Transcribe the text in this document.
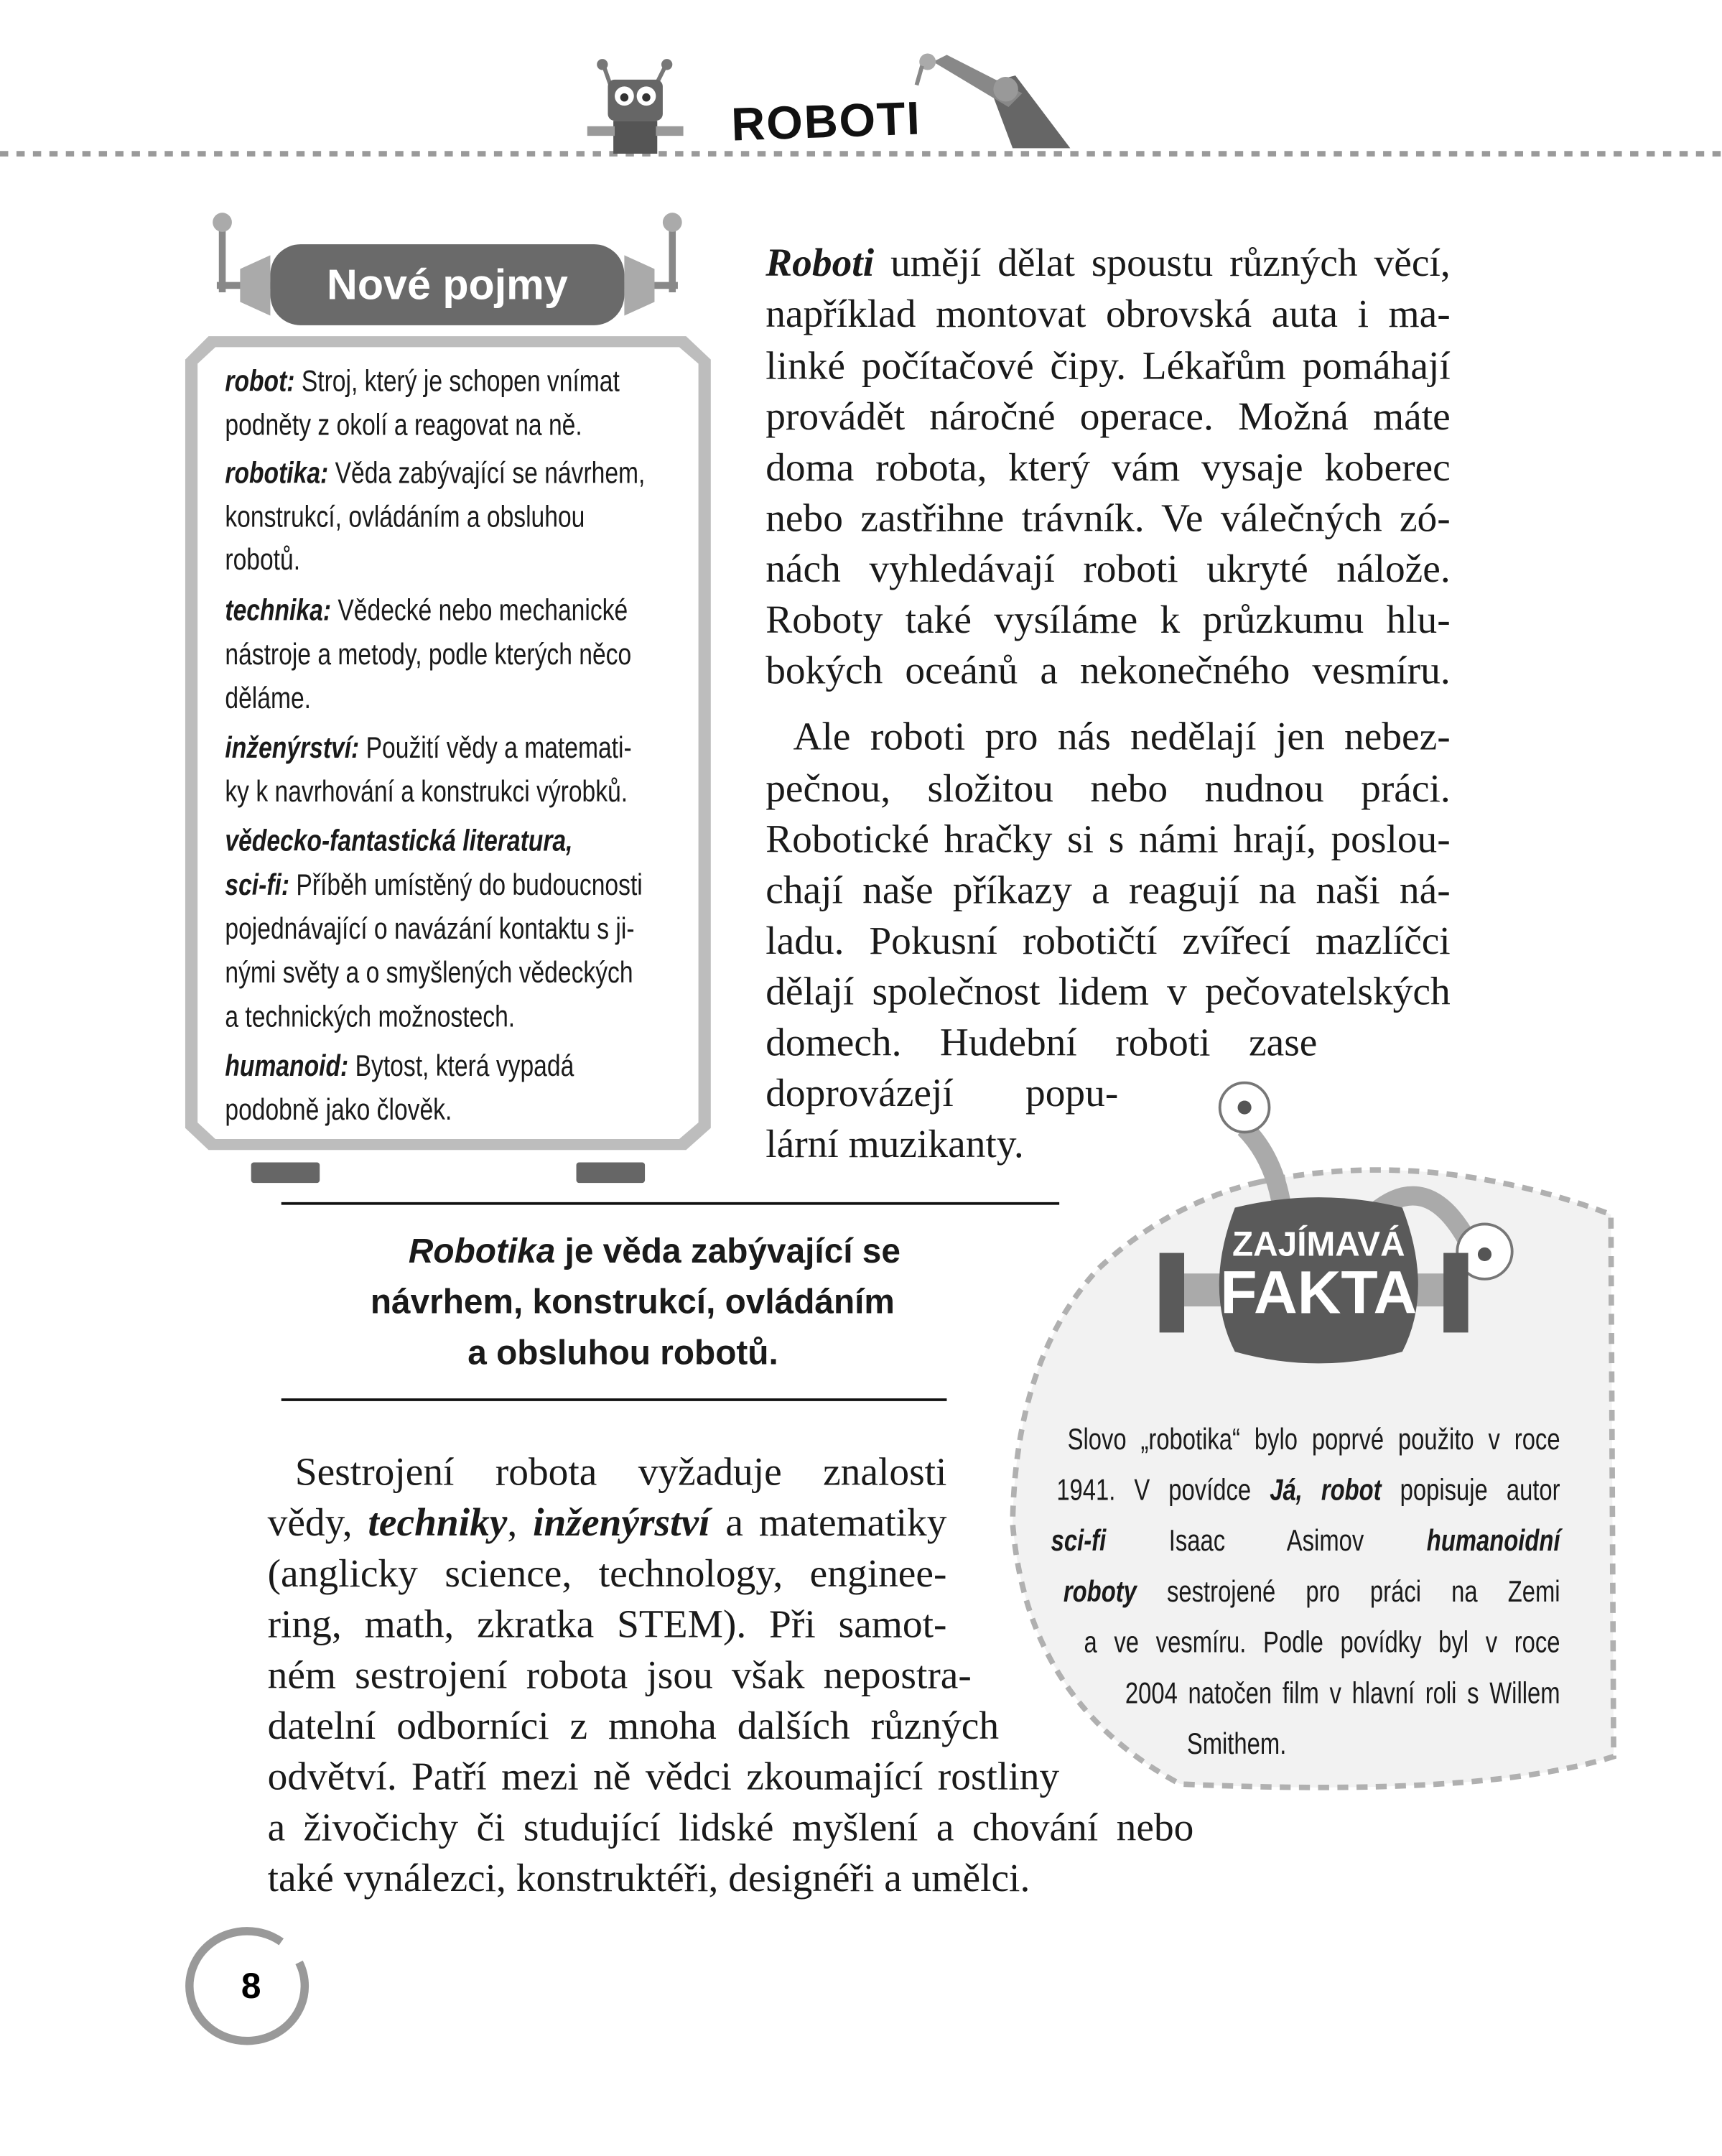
ROBOTI
Nové pojmy
ZAJÍMAVÁ
FAKTA
8
robot: Stroj, který je schopen vnímat
podněty z okolí a reagovat na ně.
robotika: Věda zabývající se návrhem,
konstrukcí, ovládáním a obsluhou
robotů.
technika: Vědecké nebo mechanické
nástroje a metody, podle kterých něco
děláme.
inženýrství: Použití vědy a matemati-
ky k navrhování a konstrukci výrobků.
vědecko-fantastická literatura,
sci-fi: Příběh umístěný do budoucnosti
pojednávající o navázání kontaktu s ji-
nými světy a o smyšlených vědeckých
a technických možnostech.
humanoid: Bytost, která vypadá
podobně jako člověk.
Roboti umějí dělat spoustu různých věcí,
například montovat obrovská auta i ma-
linké počítačové čipy. Lékařům pomáhají
provádět náročné operace. Možná máte
doma robota, který vám vysaje koberec
nebo zastřihne trávník. Ve válečných zó-
nách vyhledávají roboti ukryté nálože.
Roboty také vysíláme k průzkumu hlu-
bokých oceánů a nekonečného vesmíru.
Ale roboti pro nás nedělají jen nebez-
pečnou, složitou nebo nudnou práci.
Robotické hračky si s námi hrají, poslou-
chají naše příkazy a reagují na naši ná-
ladu. Pokusní robotičtí zvířecí mazlíčci
dělají společnost lidem v pečovatelských
domech. Hudební roboti zase
doprovázejí popu-
lární muzikanty.
Robotika je věda zabývající se
návrhem, konstrukcí, ovládáním
a obsluhou robotů.
Sestrojení robota vyžaduje znalosti
vědy, techniky, inženýrství a matematiky
(anglicky science, technology, enginee-
ring, math, zkratka STEM). Při samot-
ném sestrojení robota jsou však nepostra-
datelní odborníci z mnoha dalších různých
odvětví. Patří mezi ně vědci zkoumající rostliny
a živočichy či studující lidské myšlení a chování nebo
také vynálezci, konstruktéři, designéři a umělci.
Slovo „robotika“ bylo poprvé použito v roce
1941. V povídce Já, robot popisuje autor
sci-fi Isaac Asimov humanoidní
roboty sestrojené pro práci na Zemi
a ve vesmíru. Podle povídky byl v roce
2004 natočen film v hlavní roli s Willem
Smithem.
